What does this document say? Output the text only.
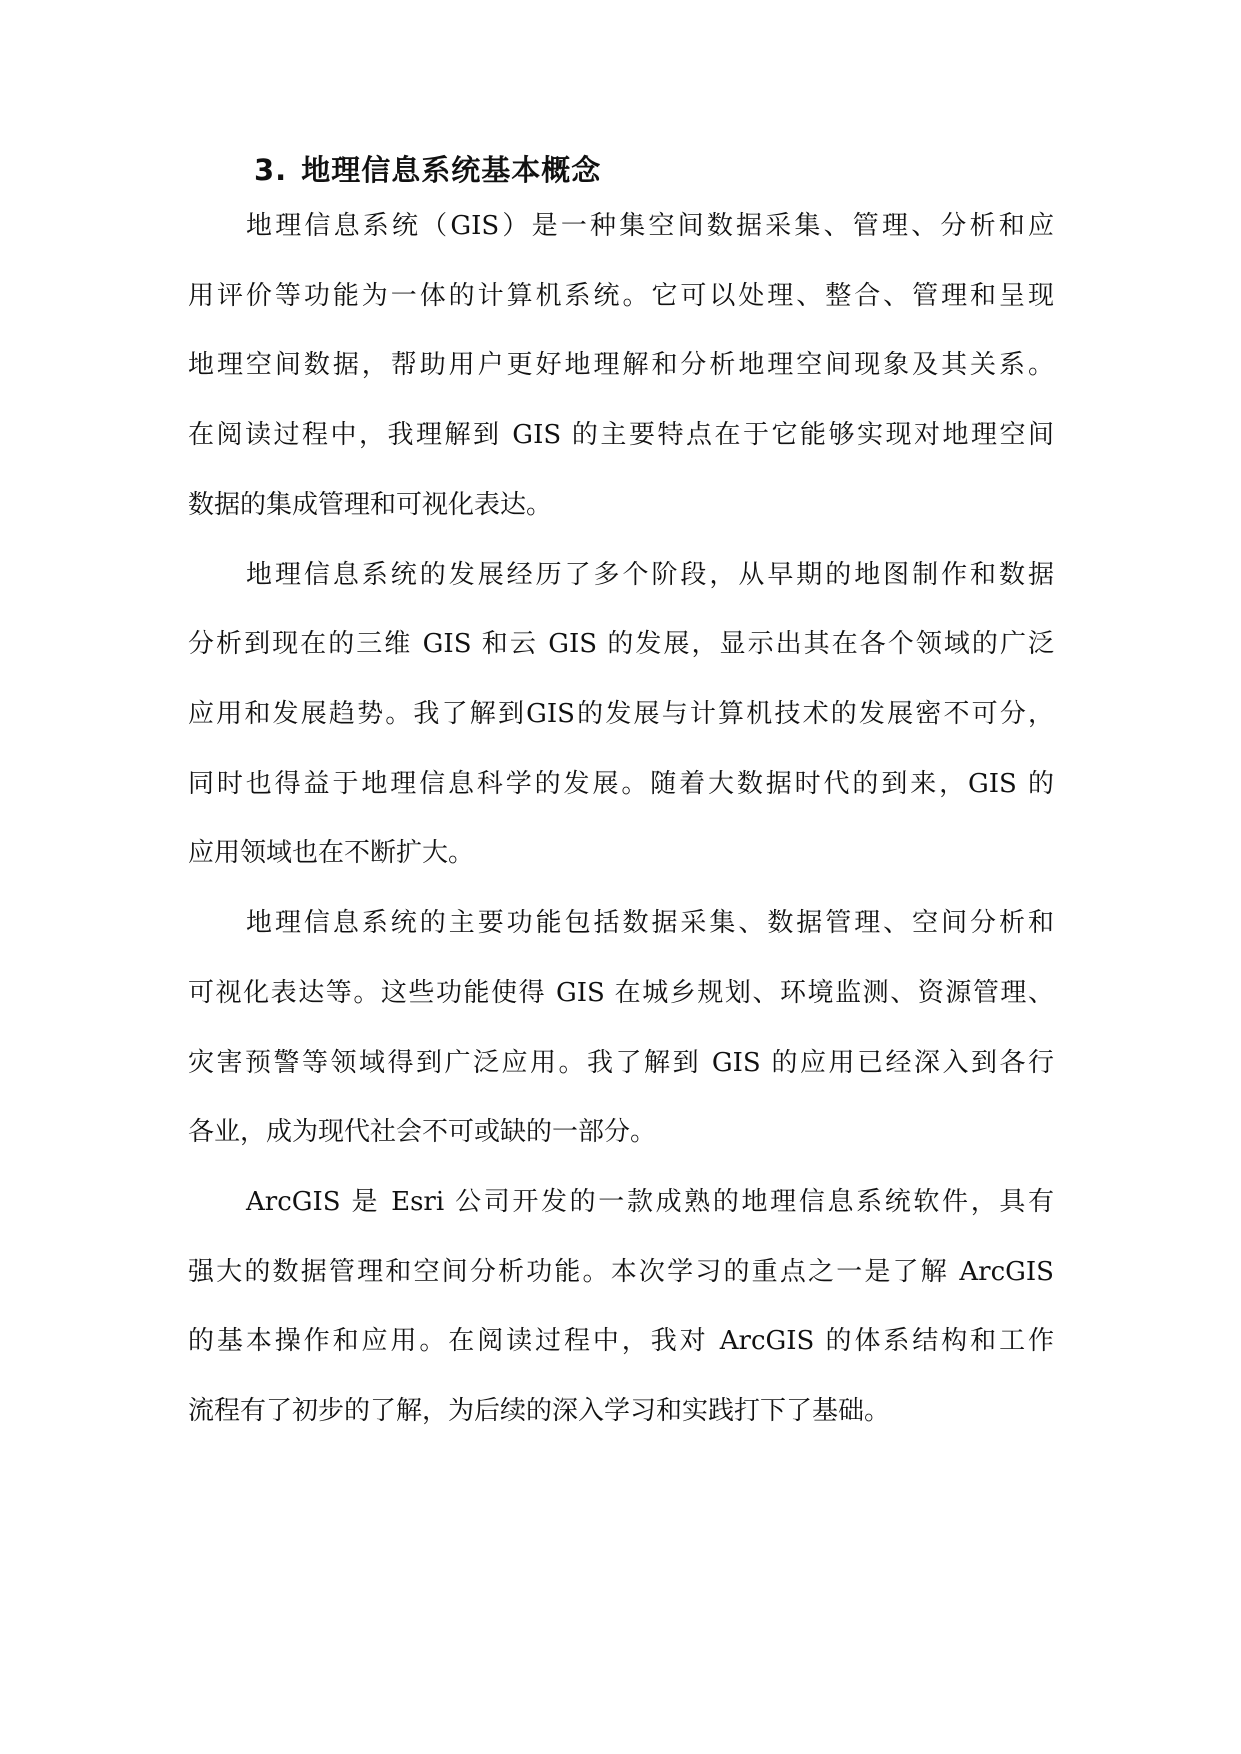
3. 地理信息系统基本概念
地理信息系统（GIS）是一种集空间数据采集、管理、分析和应
用评价等功能为一体的计算机系统。它可以处理、整合、管理和呈现
地理空间数据，帮助用户更好地理解和分析地理空间现象及其关系。
在阅读过程中，我理解到 GIS 的主要特点在于它能够实现对地理空间
数据的集成管理和可视化表达。
地理信息系统的发展经历了多个阶段，从早期的地图制作和数据
分析到现在的三维 GIS 和云 GIS 的发展，显示出其在各个领域的广泛
应用和发展趋势。我了解到GIS的发展与计算机技术的发展密不可分，
同时也得益于地理信息科学的发展。随着大数据时代的到来，GIS 的
应用领域也在不断扩大。
地理信息系统的主要功能包括数据采集、数据管理、空间分析和
可视化表达等。这些功能使得 GIS 在城乡规划、环境监测、资源管理、
灾害预警等领域得到广泛应用。我了解到 GIS 的应用已经深入到各行
各业，成为现代社会不可或缺的一部分。
ArcGIS 是 Esri 公司开发的一款成熟的地理信息系统软件，具有
强大的数据管理和空间分析功能。本次学习的重点之一是了解 ArcGIS
的基本操作和应用。在阅读过程中，我对 ArcGIS 的体系结构和工作
流程有了初步的了解，为后续的深入学习和实践打下了基础。
